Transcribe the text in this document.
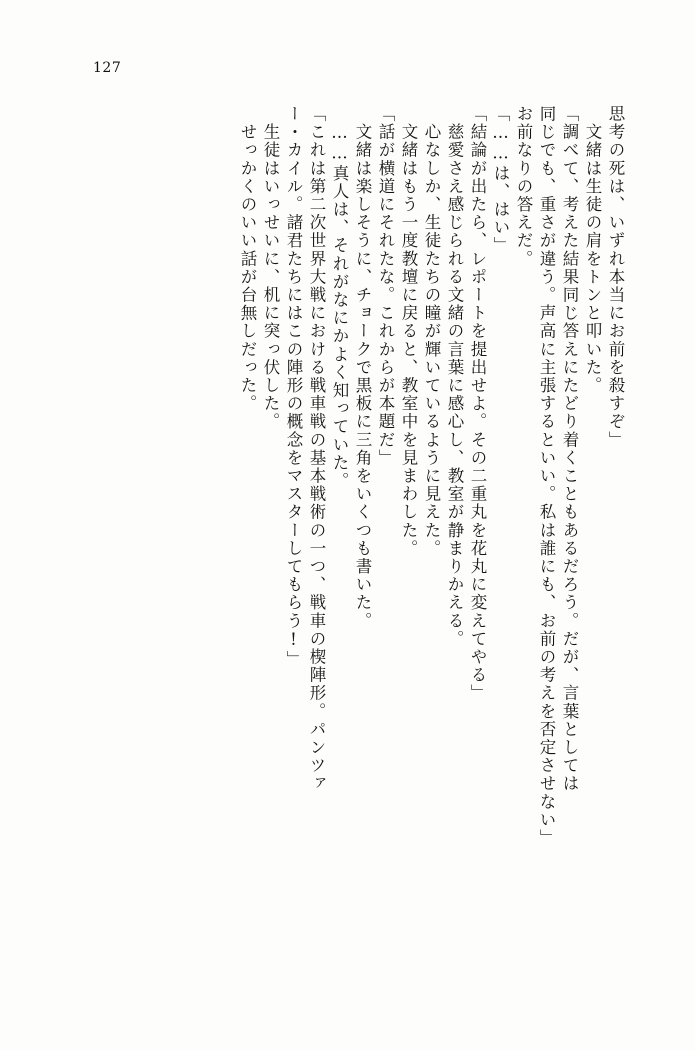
127
思考の死は、いずれ本当にお前を殺すぞ」
　文緒は生徒の肩をトンと叩いた。
「調べて、考えた結果同じ答えにたどり着くこともあるだろう。だが、言葉としては
同じでも、重さが違う。声高に主張するといい。私は誰にも、お前の考えを否定させない」
お前なりの答えだ。
「……は、はい」
「結論が出たら、レポートを提出せよ。その二重丸を花丸に変えてやる」
　慈愛さえ感じられる文緒の言葉に感心し、教室が静まりかえる。
　心なしか、生徒たちの瞳が輝いているように見えた。
　文緒はもう一度教壇に戻ると、教室中を見まわした。
「話が横道にそれたな。これからが本題だ」
　文緒は楽しそうに、チョークで黒板に三角をいくつも書いた。
　……真人は、それがなにかよく知っていた。
「これは第二次世界大戦における戦車戦の基本戦術の一つ、戦車の楔陣形。パンツァ
ー・カイル。諸君たちにはこの陣形の概念をマスターしてもらう!」
　生徒はいっせいに、机に突っ伏した。
　せっかくのいい話が台無しだった。
